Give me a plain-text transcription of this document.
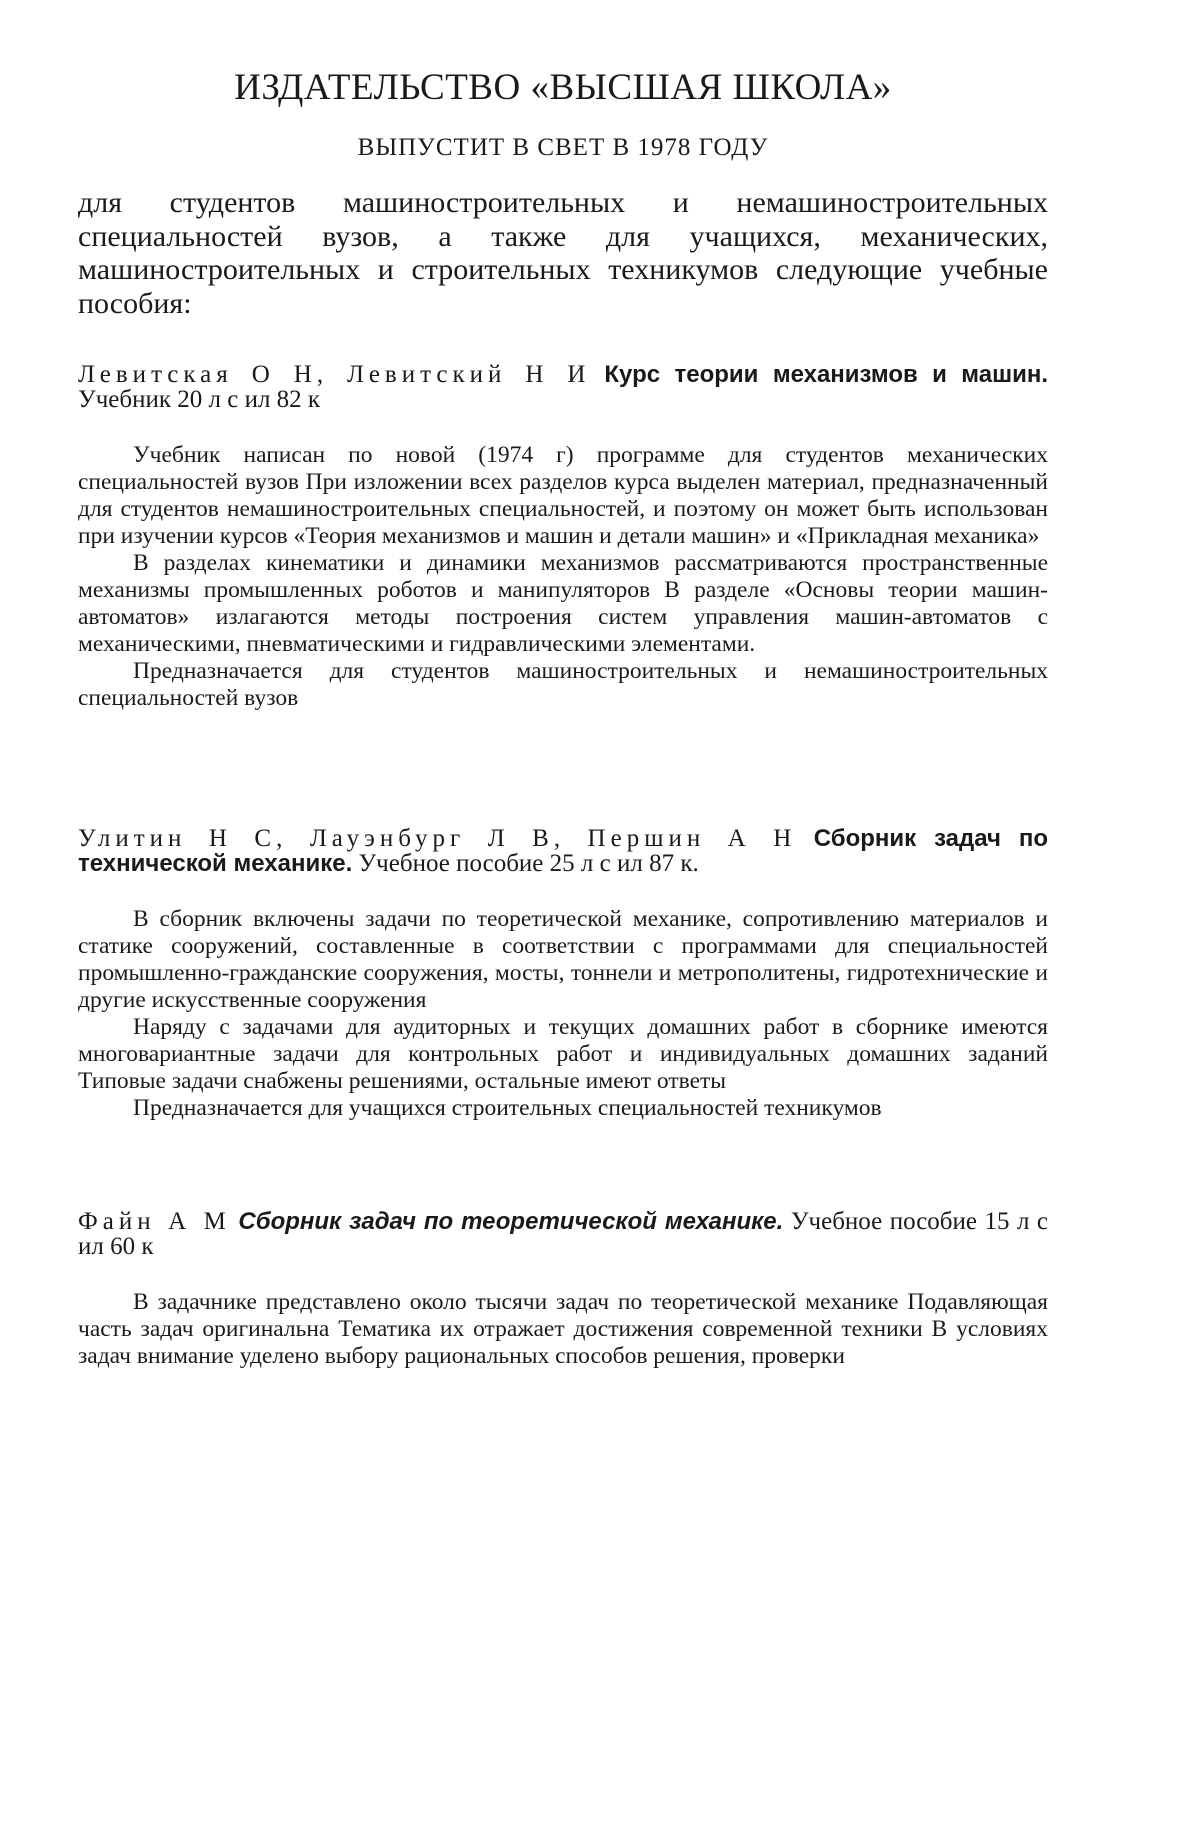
ИЗДАТЕЛЬСТВО «ВЫСШАЯ ШКОЛА»
ВЫПУСТИТ В СВЕТ В 1978 ГОДУ

для студентов машиностроительных и немашиностроительных специальностей вузов, а также для учащихся, механических, машиностроительных и строительных техникумов следующие учебные пособия:

Левитская О Н, Левитский Н И Курс теории механизмов и машин. Учебник 20 л с ил 82 к

Учебник написан по новой (1974 г) программе для студентов механических специальностей вузов При изложении всех разделов курса выделен материал, предназначенный для студентов немашиностроительных специальностей, и поэтому он может быть использован при изучении курсов «Теория механизмов и машин и детали машин» и «Прикладная механика»

В разделах кинематики и динамики механизмов рассматриваются пространственные механизмы промышленных роботов и манипуляторов В разделе «Основы теории машин-автоматов» излагаются методы построения систем управления машин-автоматов с механическими, пневматическими и гидравлическими элементами.

Предназначается для студентов машиностроительных и немашиностроительных специальностей вузов

Улитин Н С, Лауэнбург Л В, Першин А Н Сборник задач по технической механике. Учебное пособие 25 л с ил 87 к.

В сборник включены задачи по теоретической механике, сопротивлению материалов и статике сооружений, составленные в соответствии с программами для специальностей промышленно-гражданские сооружения, мосты, тоннели и метрополитены, гидротехнические и другие искусственные сооружения

Наряду с задачами для аудиторных и текущих домашних работ в сборнике имеются многовариантные задачи для контрольных работ и индивидуальных домашних заданий Типовые задачи снабжены решениями, остальные имеют ответы

Предназначается для учащихся строительных специальностей техникумов

Файн А М Сборник задач по теоретической механике. Учебное пособие 15 л с ил 60 к

В задачнике представлено около тысячи задач по теоретической механике Подавляющая часть задач оригинальна Тематика их отражает достижения современной техники В условиях задач внимание уделено выбору рациональных способов решения, проверки
